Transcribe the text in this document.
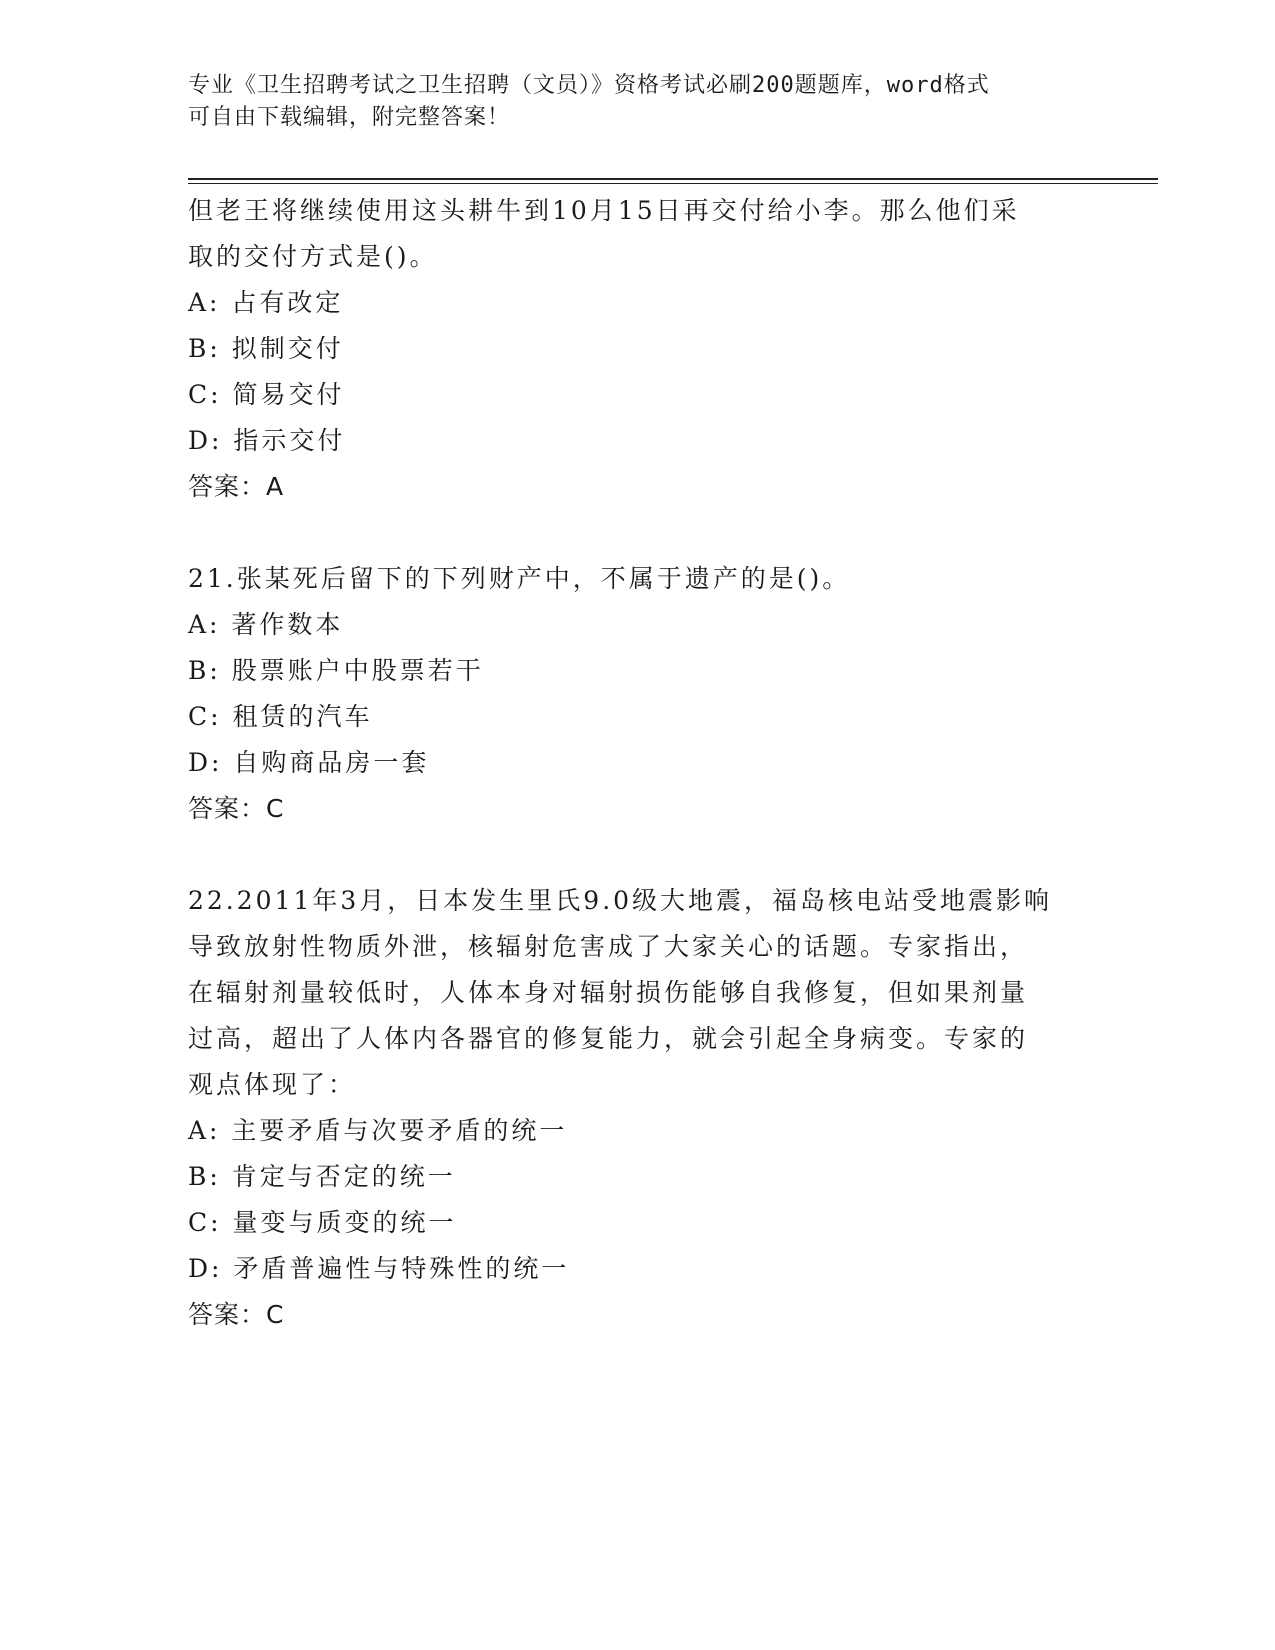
专业《卫生招聘考试之卫生招聘（文员）》资格考试必刷200题题库，word格式
可自由下载编辑，附完整答案！
但老王将继续使用这头耕牛到10月15日再交付给小李。那么他们采
取的交付方式是()。
A: 占有改定
B: 拟制交付
C: 简易交付
D: 指示交付
答案：A
21.张某死后留下的下列财产中，不属于遗产的是()。
A: 著作数本
B: 股票账户中股票若干
C: 租赁的汽车
D: 自购商品房一套
答案：C
22.2011年3月，日本发生里氏9.0级大地震，福岛核电站受地震影响
导致放射性物质外泄，核辐射危害成了大家关心的话题。专家指出，
在辐射剂量较低时，人体本身对辐射损伤能够自我修复，但如果剂量
过高，超出了人体内各器官的修复能力，就会引起全身病变。专家的
观点体现了：
A: 主要矛盾与次要矛盾的统一
B: 肯定与否定的统一
C: 量变与质变的统一
D: 矛盾普遍性与特殊性的统一
答案：C
